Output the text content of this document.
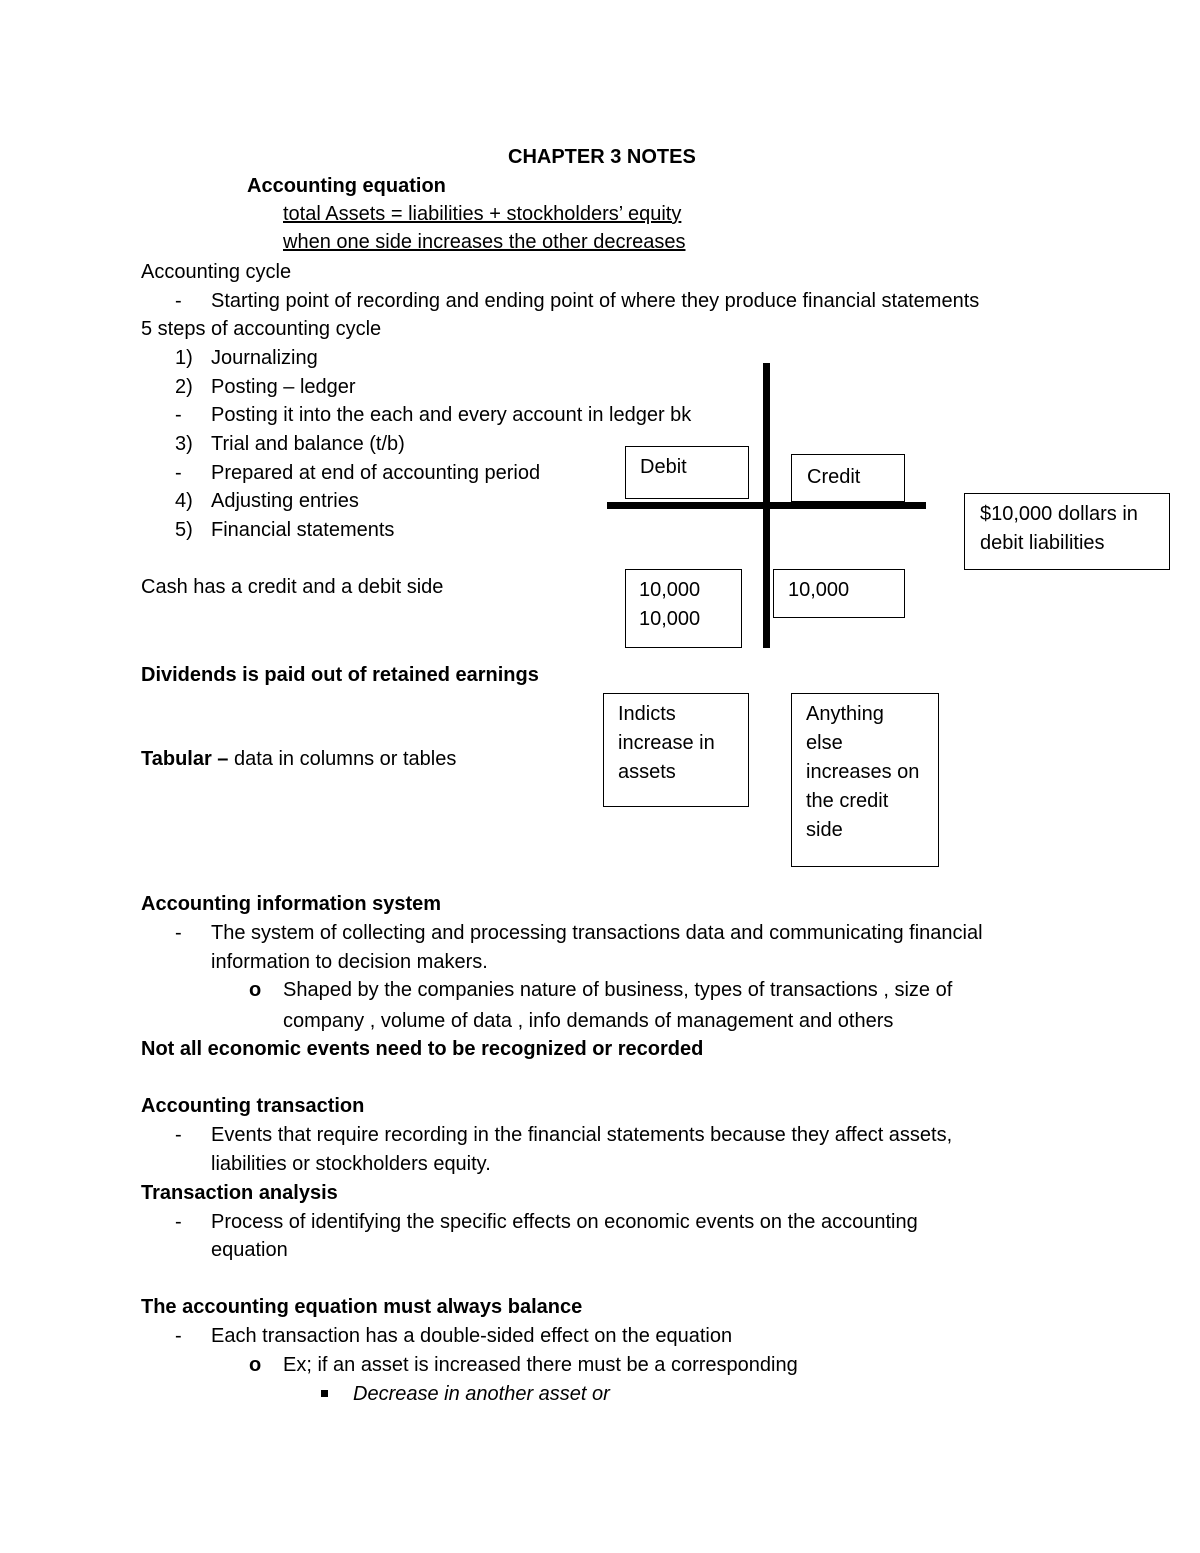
CHAPTER 3 NOTES
Accounting equation
total Assets = liabilities + stockholders’ equity
when one side increases the other decreases
Accounting cycle
- Starting point of recording and ending point of where they produce financial statements
5 steps of accounting cycle
1) Journalizing
2) Posting – ledger
- Posting it into the each and every account in ledger bk
3) Trial and balance (t/b)
- Prepared at end of accounting period
4) Adjusting entries
5) Financial statements
Cash has a credit and a debit side
Dividends is paid out of retained earnings
Tabular – data in columns or tables
Debit	Credit
10,000
10,000
10,000
$10,000 dollars in debit liabilities
Indicts increase in assets
Anything else increases on the credit side
Accounting information system
- The system of collecting and processing transactions data and communicating financial
information to decision makers.
o Shaped by the companies nature of business, types of transactions , size of
company , volume of data , info demands of management and others
Not all economic events need to be recognized or recorded
Accounting transaction
- Events that require recording in the financial statements because they affect assets,
liabilities or stockholders equity.
Transaction analysis
- Process of identifying the specific effects on economic events on the accounting
equation
The accounting equation must always balance
- Each transaction has a double-sided effect on the equation
o Ex; if an asset is increased there must be a corresponding
Decrease in another asset or
